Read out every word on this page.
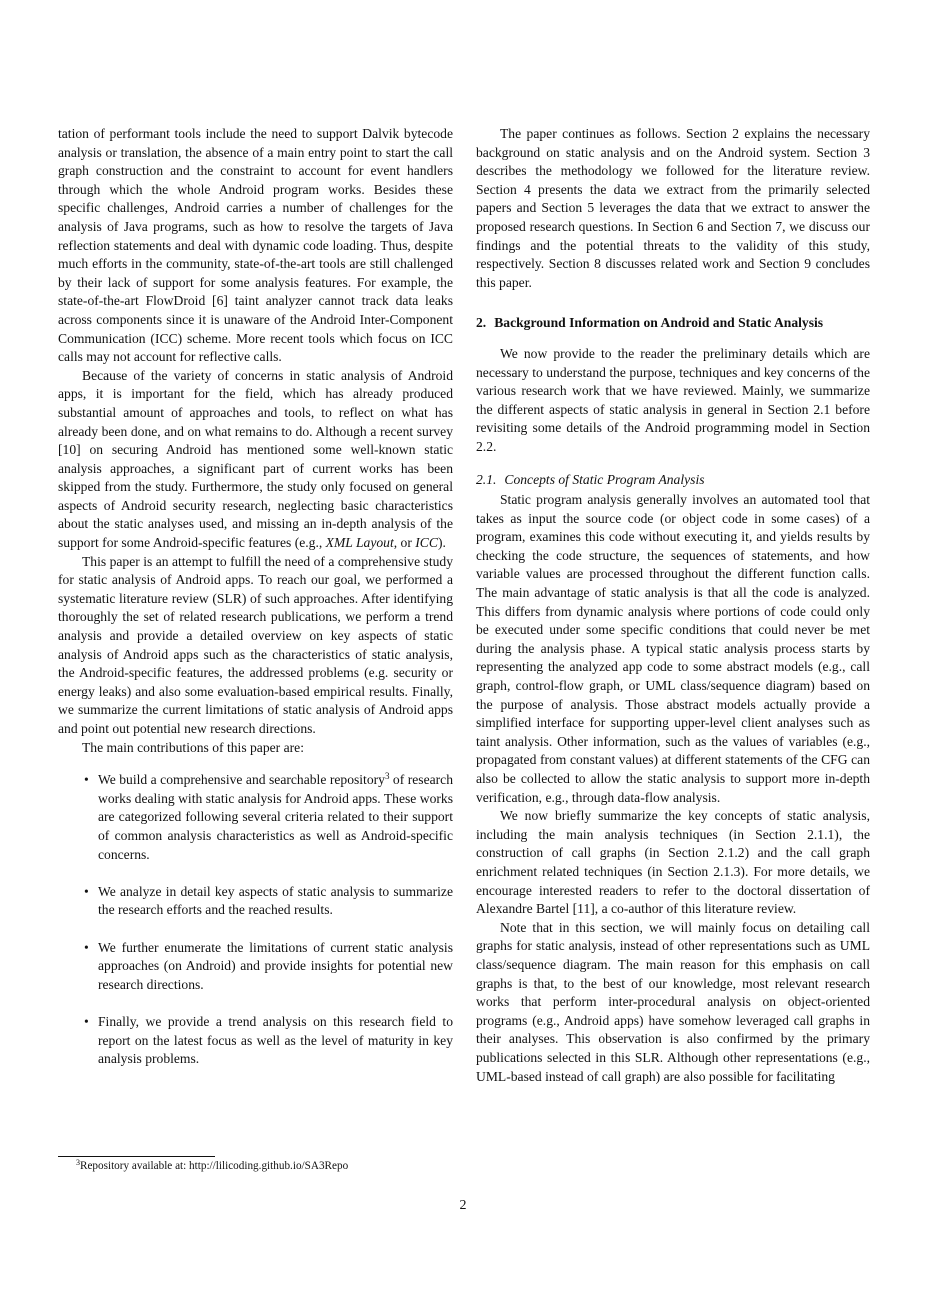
tation of performant tools include the need to support Dalvik bytecode analysis or translation, the absence of a main entry point to start the call graph construction and the constraint to account for event handlers through which the whole Android program works. Besides these specific challenges, Android carries a number of challenges for the analysis of Java programs, such as how to resolve the targets of Java reflection statements and deal with dynamic code loading. Thus, despite much efforts in the community, state-of-the-art tools are still challenged by their lack of support for some analysis features. For example, the state-of-the-art FlowDroid [6] taint analyzer cannot track data leaks across components since it is unaware of the Android Inter-Component Communication (ICC) scheme. More recent tools which focus on ICC calls may not account for reflective calls.

Because of the variety of concerns in static analysis of Android apps, it is important for the field, which has already produced substantial amount of approaches and tools, to reflect on what has already been done, and on what remains to do. Although a recent survey [10] on securing Android has mentioned some well-known static analysis approaches, a significant part of current works has been skipped from the study. Furthermore, the study only focused on general aspects of Android security research, neglecting basic characteristics about the static analyses used, and missing an in-depth analysis of the support for some Android-specific features (e.g., XML Layout, or ICC).

This paper is an attempt to fulfill the need of a comprehensive study for static analysis of Android apps. To reach our goal, we performed a systematic literature review (SLR) of such approaches. After identifying thoroughly the set of related research publications, we perform a trend analysis and provide a detailed overview on key aspects of static analysis of Android apps such as the characteristics of static analysis, the Android-specific features, the addressed problems (e.g. security or energy leaks) and also some evaluation-based empirical results. Finally, we summarize the current limitations of static analysis of Android apps and point out potential new research directions.

The main contributions of this paper are:

• We build a comprehensive and searchable repository$^3$ of research works dealing with static analysis for Android apps. These works are categorized following several criteria related to their support of common analysis characteristics as well as Android-specific concerns.
• We analyze in detail key aspects of static analysis to summarize the research efforts and the reached results.
• We further enumerate the limitations of current static analysis approaches (on Android) and provide insights for potential new research directions.
• Finally, we provide a trend analysis on this research field to report on the latest focus as well as the level of maturity in key analysis problems.
$^3$Repository available at: http://lilicoding.github.io/SA3Repo

The paper continues as follows. Section 2 explains the necessary background on static analysis and on the Android system. Section 3 describes the methodology we followed for the literature review. Section 4 presents the data we extract from the primarily selected papers and Section 5 leverages the data that we extract to answer the proposed research questions. In Section 6 and Section 7, we discuss our findings and the potential threats to the validity of this study, respectively. Section 8 discusses related work and Section 9 concludes this paper.

2. Background Information on Android and Static Analysis

We now provide to the reader the preliminary details which are necessary to understand the purpose, techniques and key concerns of the various research work that we have reviewed. Mainly, we summarize the different aspects of static analysis in general in Section 2.1 before revisiting some details of the Android programming model in Section 2.2.

2.1. Concepts of Static Program Analysis

Static program analysis generally involves an automated tool that takes as input the source code (or object code in some cases) of a program, examines this code without executing it, and yields results by checking the code structure, the sequences of statements, and how variable values are processed throughout the different function calls. The main advantage of static analysis is that all the code is analyzed. This differs from dynamic analysis where portions of code could only be executed under some specific conditions that could never be met during the analysis phase. A typical static analysis process starts by representing the analyzed app code to some abstract models (e.g., call graph, control-flow graph, or UML class/sequence diagram) based on the purpose of analysis. Those abstract models actually provide a simplified interface for supporting upper-level client analyses such as taint analysis. Other information, such as the values of variables (e.g., propagated from constant values) at different statements of the CFG can also be collected to allow the static analysis to support more in-depth verification, e.g., through data-flow analysis.

We now briefly summarize the key concepts of static analysis, including the main analysis techniques (in Section 2.1.1), the construction of call graphs (in Section 2.1.2) and the call graph enrichment related techniques (in Section 2.1.3). For more details, we encourage interested readers to refer to the doctoral dissertation of Alexandre Bartel [11], a co-author of this literature review.

Note that in this section, we will mainly focus on detailing call graphs for static analysis, instead of other representations such as UML class/sequence diagram. The main reason for this emphasis on call graphs is that, to the best of our knowledge, most relevant research works that perform inter-procedural analysis on object-oriented programs (e.g., Android apps) have somehow leveraged call graphs in their analyses. This observation is also confirmed by the primary publications selected in this SLR. Although other representations (e.g., UML-based instead of call graph) are also possible for facilitating

2
